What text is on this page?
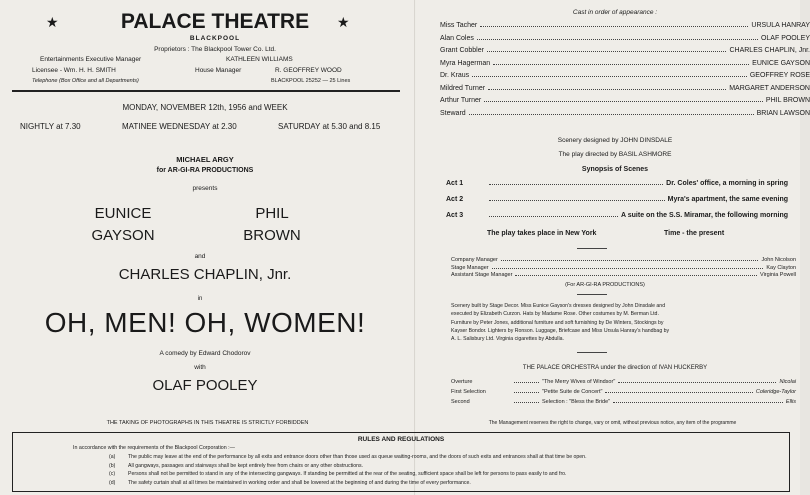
★	★
PALACE THEATRE
BLACKPOOL
Proprietors : The Blackpool Tower Co. Ltd.
Entertainments Executive Manager	KATHLEEN WILLIAMS
Licensee - Wm. H. H. SMITH	House Manager	R. GEOFFREY WOOD
Telephone (Box Office and all Departments)	BLACKPOOL 25252 — 25 Lines
MONDAY, NOVEMBER 12th, 1956 and WEEK
NIGHTLY at 7.30	MATINEE WEDNESDAY at 2.30	SATURDAY at 5.30 and 8.15
MICHAEL ARGY
for AR-GI-RA PRODUCTIONS
presents
EUNICE
GAYSON
PHIL
BROWN
and
CHARLES CHAPLIN, Jnr.
in
OH, MEN! OH, WOMEN!
A comedy by Edward Chodorov
with
OLAF POOLEY
THE TAKING OF PHOTOGRAPHS IN THIS THEATRE IS STRICTLY FORBIDDEN
Cast in order of appearance :
Miss Tacher	URSULA HANRAY
Alan Coles	OLAF POOLEY
Grant Cobbler	CHARLES CHAPLIN, Jnr.
Myra Hagerman	EUNICE GAYSON
Dr. Kraus	GEOFFREY ROSE
Mildred Turner	MARGARET ANDERSON
Arthur Turner	PHIL BROWN
Steward	BRIAN LAWSON
Scenery designed by JOHN DINSDALE
The play directed by BASIL ASHMORE
Synopsis of Scenes
Act 1	Dr. Coles' office, a morning in spring
Act 2	Myra's apartment, the same evening
Act 3	A suite on the S.S. Miramar, the following morning
The play takes place in New York	Time - the present
Company Manager	John Nicolson
Stage Manager	Kay Clayton
Assistant Stage Manager	Virginia Powell
(For AR-GI-RA PRODUCTIONS)
Scenery built by Stage Decor. Miss Eunice Gayson's dresses designed by John Dinsdale and
executed by Elizabeth Curzon. Hats by Madame Rose. Other costumes by M. Berman Ltd.
Furniture by Peter Jones, additional furniture and soft furnishing by De Winters, Stockings by
Kayser Bondor. Lighters by Ronson. Luggage, Briefcase and Miss Ursula Hanray's handbag by
A. L. Salisbury Ltd. Virginia cigarettes by Abdulla.
THE PALACE ORCHESTRA under the direction of IVAN HUCKERBY
Overture	"The Merry Wives of Windsor"	Nicolai
First Selection	"Petite Suite de Concert"	Coleridge-Taylor
Second	Selection : "Bless the Bride"	Ellis
The Management reserves the right to change, vary or omit, without previous notice, any item of the programme
RULES AND REGULATIONS
In accordance with the requirements of the Blackpool Corporation :—
(a) The public may leave at the end of the performance by all exits and entrance doors other than those used as queue waiting-rooms, and the doors of such exits and entrances shall at that time be open.
(b) All gangways, passages and stairways shall be kept entirely free from chairs or any other obstructions.
(c) Persons shall not be permitted to stand in any of the intersecting gangways. If standing be permitted at the rear of the seating, sufficient space shall be left for persons to pass easily to and fro.
(d) The safety curtain shall at all times be maintained in working order and shall be lowered at the beginning of and during the time of every performance.
